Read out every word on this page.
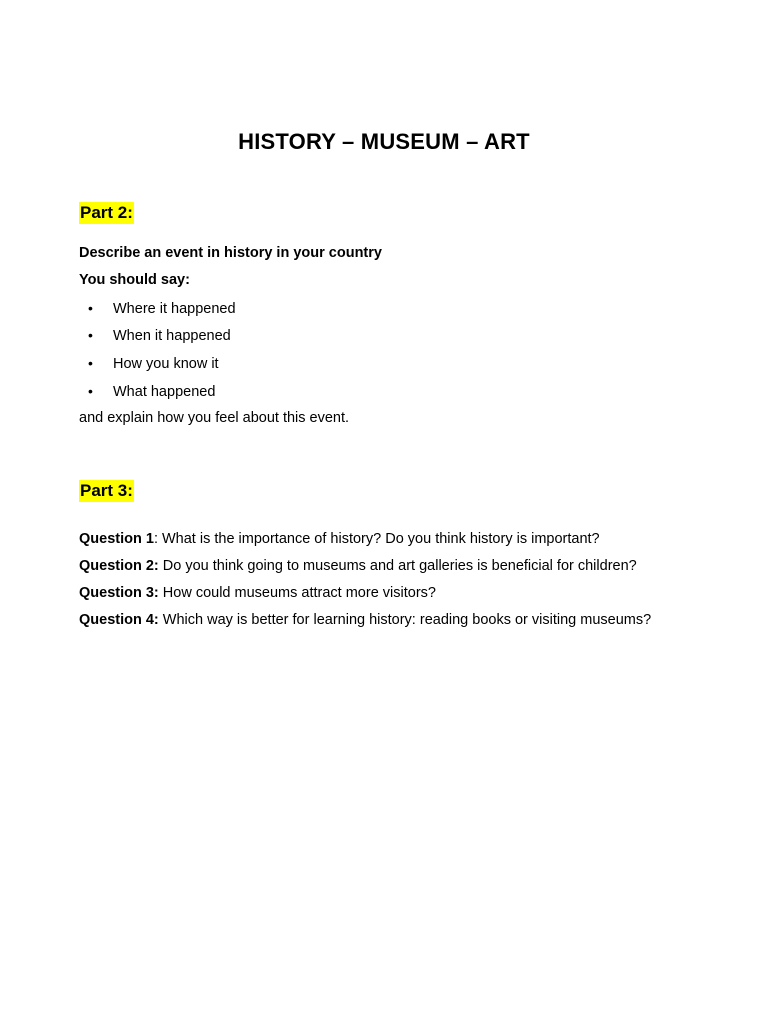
HISTORY – MUSEUM – ART
Part 2:
Describe an event in history in your country
You should say:
• Where it happened
• When it happened
• How you know it
• What happened
and explain how you feel about this event.
Part 3:
Question 1: What is the importance of history? Do you think history is important?
Question 2: Do you think going to museums and art galleries is beneficial for children?
Question 3: How could museums attract more visitors?
Question 4: Which way is better for learning history: reading books or visiting museums?
